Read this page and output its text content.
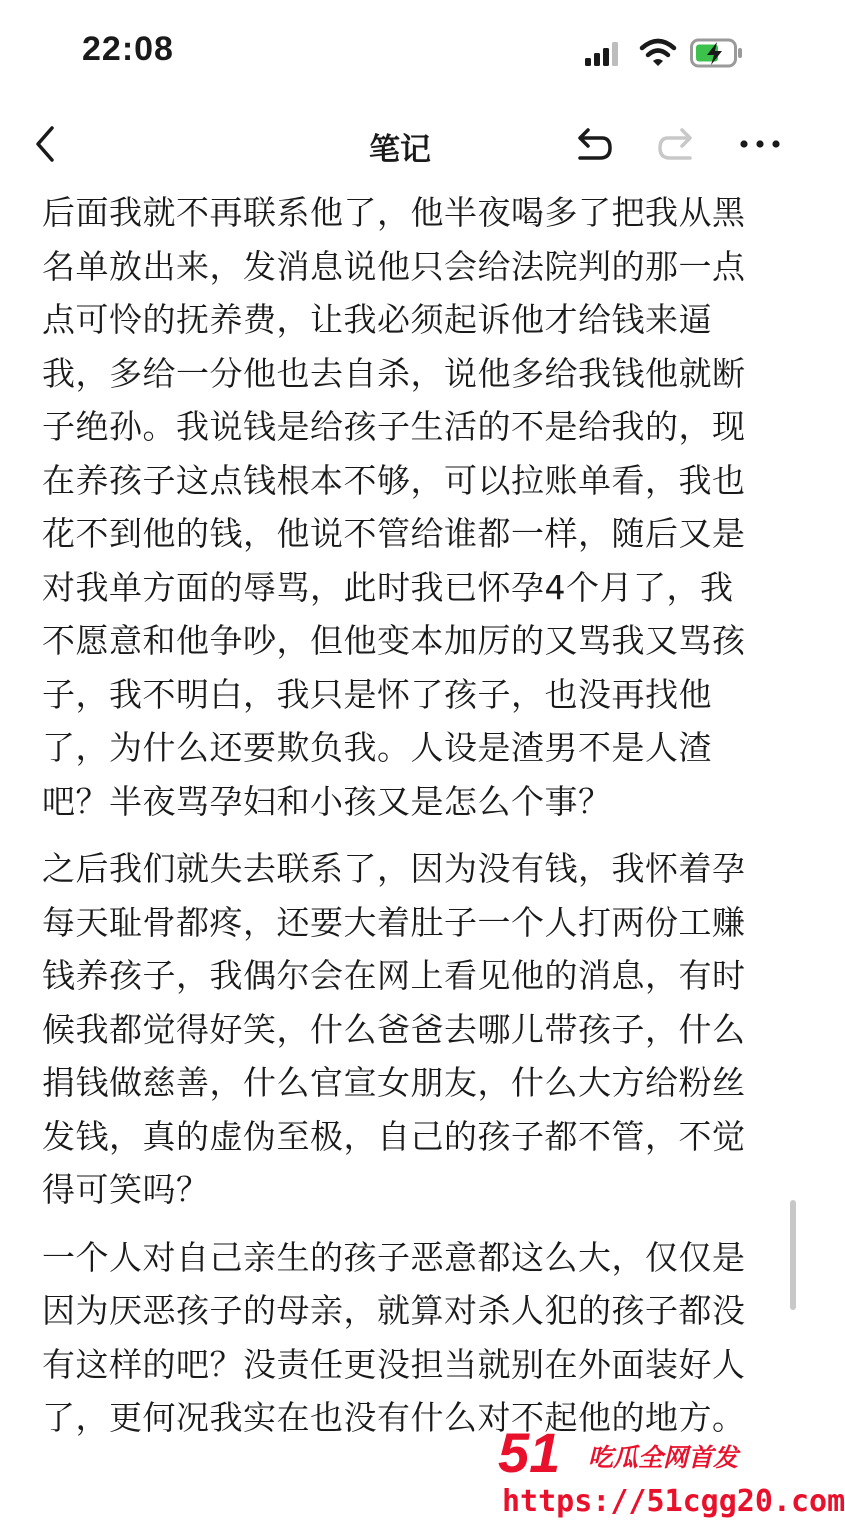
22:08
笔记

后面我就不再联系他了，他半夜喝多了把我从黑名单放出来，发消息说他只会给法院判的那一点点可怜的抚养费，让我必须起诉他才给钱来逼我，多给一分他也去自杀，说他多给我钱他就断子绝孙。我说钱是给孩子生活的不是给我的，现在养孩子这点钱根本不够，可以拉账单看，我也花不到他的钱，他说不管给谁都一样，随后又是对我单方面的辱骂，此时我已怀孕4个月了，我不愿意和他争吵，但他变本加厉的又骂我又骂孩子，我不明白，我只是怀了孩子，也没再找他了，为什么还要欺负我。人设是渣男不是人渣吧？半夜骂孕妇和小孩又是怎么个事？

之后我们就失去联系了，因为没有钱，我怀着孕每天耻骨都疼，还要大着肚子一个人打两份工赚钱养孩子，我偶尔会在网上看见他的消息，有时候我都觉得好笑，什么爸爸去哪儿带孩子，什么捐钱做慈善，什么官宣女朋友，什么大方给粉丝发钱，真的虚伪至极，自己的孩子都不管，不觉得可笑吗？

一个人对自己亲生的孩子恶意都这么大，仅仅是因为厌恶孩子的母亲，就算对杀人犯的孩子都没有这样的吧？没责任更没担当就别在外面装好人了，更何况我实在也没有什么对不起他的地方。

51 吃瓜全网首发
https://51cgg20.com
